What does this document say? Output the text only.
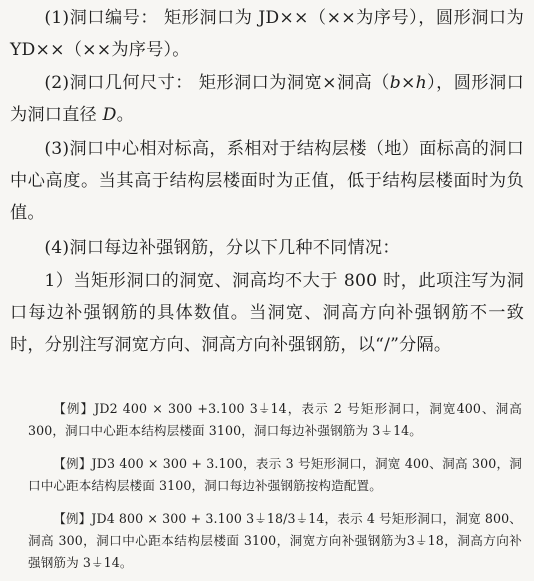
(1)洞口编号： 矩形洞口为 JD××（××为序号），圆形洞口为 YD××（××为序号）。

(2)洞口几何尺寸： 矩形洞口为洞宽×洞高（b×h），圆形洞口为洞口直径 D。

(3)洞口中心相对标高，系相对于结构层楼（地）面标高的洞口中心高度。当其高于结构层楼面时为正值，低于结构层楼面时为负值。

(4)洞口每边补强钢筋，分以下几种不同情况：

1）当矩形洞口的洞宽、洞高均不大于 800 时，此项注写为洞口每边补强钢筋的具体数值。当洞宽、洞高方向补强钢筋不一致时，分别注写洞宽方向、洞高方向补强钢筋，以“/”分隔。

【例】JD2 400 × 300 +3.100 3⏚14，表示 2 号矩形洞口，洞宽400、洞高 300，洞口中心距本结构层楼面 3100，洞口每边补强钢筋为 3⏚14。

【例】JD3 400 × 300 + 3.100，表示 3 号矩形洞口，洞宽 400、洞高 300，洞口中心距本结构层楼面 3100，洞口每边补强钢筋按构造配置。

【例】JD4 800 × 300 + 3.100 3⏚18/3⏚14，表示 4 号矩形洞口，洞宽 800、洞高 300，洞口中心距本结构层楼面 3100，洞宽方向补强钢筋为3⏚18，洞高方向补强钢筋为 3⏚14。
